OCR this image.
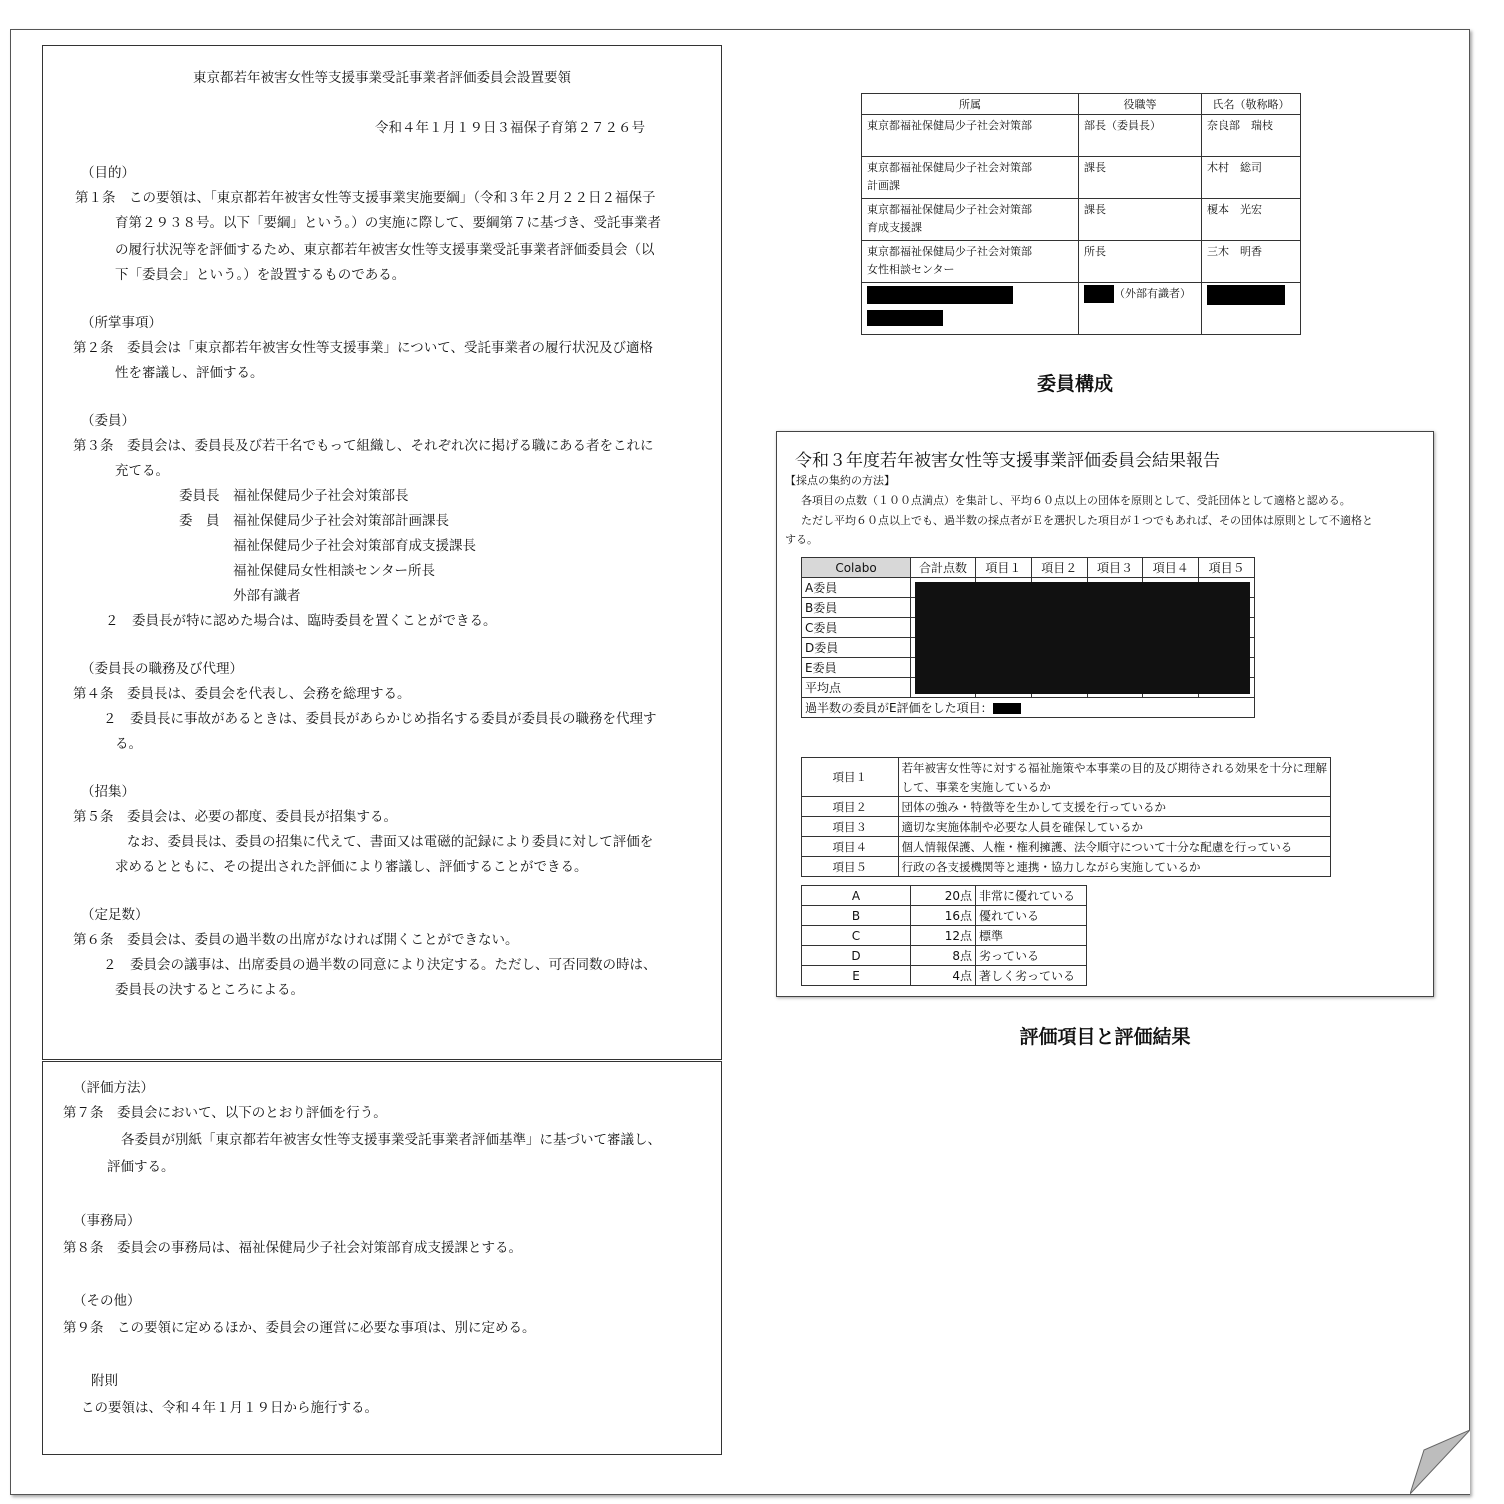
東京都若年被害女性等支援事業受託事業者評価委員会設置要領
令和４年１月１９日３福保子育第２７２６号
（目的）
第１条　この要領は、「東京都若年被害女性等支援事業実施要綱」（令和３年２月２２日２福保子
育第２９３８号。以下「要綱」という。）の実施に際して、要綱第７に基づき、受託事業者
の履行状況等を評価するため、東京都若年被害女性等支援事業受託事業者評価委員会（以
下「委員会」という。）を設置するものである。
（所掌事項）
第２条　委員会は「東京都若年被害女性等支援事業」について、受託事業者の履行状況及び適格
性を審議し、評価する。
（委員）
第３条　委員会は、委員長及び若干名でもって組織し、それぞれ次に掲げる職にある者をこれに
充てる。
委員長　福祉保健局少子社会対策部長
委　員　福祉保健局少子社会対策部計画課長
福祉保健局少子社会対策部育成支援課長
福祉保健局女性相談センター所長
外部有識者
２　委員長が特に認めた場合は、臨時委員を置くことができる。
（委員長の職務及び代理）
第４条　委員長は、委員会を代表し、会務を総理する。
２　委員長に事故があるときは、委員長があらかじめ指名する委員が委員長の職務を代理す
る。
（招集）
第５条　委員会は、必要の都度、委員長が招集する。
なお、委員長は、委員の招集に代えて、書面又は電磁的記録により委員に対して評価を
求めるとともに、その提出された評価により審議し、評価することができる。
（定足数）
第６条　委員会は、委員の過半数の出席がなければ開くことができない。
２　委員会の議事は、出席委員の過半数の同意により決定する。ただし、可否同数の時は、
委員長の決するところによる。
（評価方法）
第７条　委員会において、以下のとおり評価を行う。
各委員が別紙「東京都若年被害女性等支援事業受託事業者評価基準」に基づいて審議し、
評価する。
（事務局）
第８条　委員会の事務局は、福祉保健局少子社会対策部育成支援課とする。
（その他）
第９条　この要領に定めるほか、委員会の運営に必要な事項は、別に定める。
附則
この要領は、令和４年１月１９日から施行する。
所属	役職等	氏名（敬称略）
東京都福祉保健局少子社会対策部	部長（委員長）	奈良部　瑞枝
東京都福祉保健局少子社会対策部
計画課	課長	木村　総司
東京都福祉保健局少子社会対策部
育成支援課	課長	榎本　光宏
東京都福祉保健局少子社会対策部
女性相談センター	所長	三木　明香

	（外部有識者）	
委員構成
令和３年度若年被害女性等支援事業評価委員会結果報告
【採点の集約の方法】
各項目の点数（１００点満点）を集計し、平均６０点以上の団体を原則として、受託団体として適格と認める。
ただし平均６０点以上でも、過半数の採点者がＥを選択した項目が１つでもあれば、その団体は原則として不適格と
する。
Colabo	合計点数	項目１	項目２	項目３	項目４	項目５
A委員						
B委員						
C委員						
D委員						
E委員						
平均点						
過半数の委員がE評価をした項目：						
項目１	若年被害女性等に対する福祉施策や本事業の目的及び期待される効果を十分に理解
	して、事業を実施しているか
項目２	団体の強み・特徴等を生かして支援を行っているか
項目３	適切な実施体制や必要な人員を確保しているか
項目４	個人情報保護、人権・権利擁護、法令順守について十分な配慮を行っている
項目５	行政の各支援機関等と連携・協力しながら実施しているか
A	20点	非常に優れている
B	16点	優れている
C	12点	標準
D	8点	劣っている
E	4点	著しく劣っている
評価項目と評価結果
